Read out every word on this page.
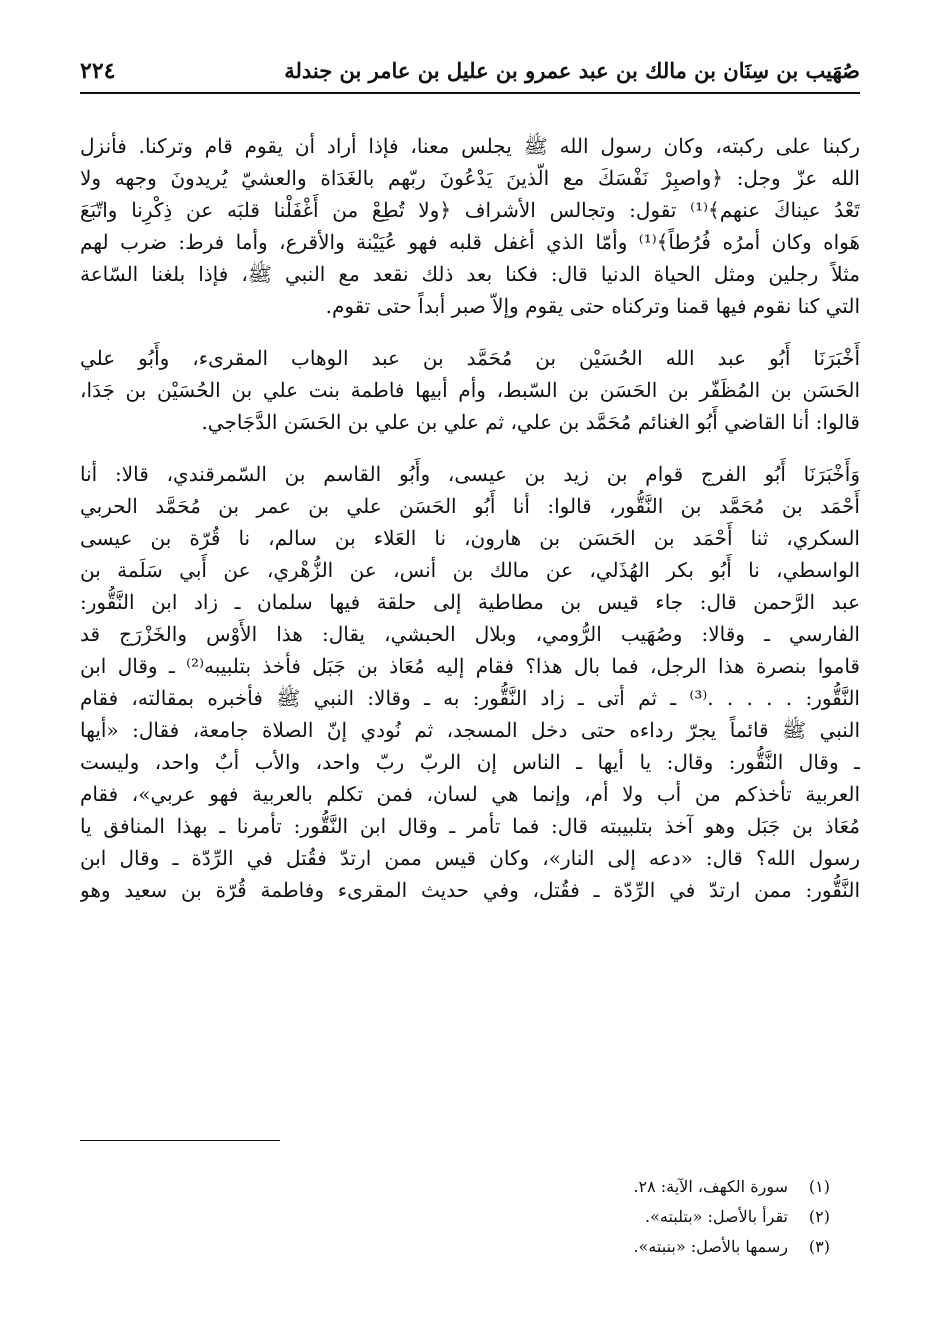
صُهَيب بن سِنَان بن مالك بن عبد عمرو بن عليل بن عامر بن جندلة
٢٢٤
ركبنا على ركبته، وكان رسول الله ﷺ يجلس معنا، فإذا أراد أن يقوم قام وتركنا. فأنزل
الله عزّ وجل: ﴿واصبِرْ نَفْسَكَ مع الّذينَ يَدْعُونَ ربّهم بالغَدَاة والعشيّ يُريدونَ وجهه ولا
تَعْدُ عيناكَ عنهم﴾⁽¹⁾ تقول: وتجالس الأشراف ﴿ولا تُطِعْ من أَغْفَلْنا قلبَه عن ذِكْرِنا واتّبَعَ
هَواه وكان أمرُه فُرُطاً﴾⁽¹⁾ وأمّا الذي أغفل قلبه فهو عُيَيْنة والأقرع، وأما فرط: ضرب لهم
مثلاً رجلين ومثل الحياة الدنيا قال: فكنا بعد ذلك نقعد مع النبي ﷺ، فإذا بلغنا السّاعة
التي كنا نقوم فيها قمنا وتركناه حتى يقوم وإلاّ صبر أبداً حتى تقوم.
أَخْبَرَنَا أَبُو عبد الله الحُسَيْن بن مُحَمَّد بن عبد الوهاب المقرىء، وأَبُو علي
الحَسَن بن المُظَفّر بن الحَسَن بن السّبط، وأم أبيها فاطمة بنت علي بن الحُسَيْن بن جَدَا،
قالوا: أنا القاضي أَبُو الغنائم مُحَمَّد بن علي، ثم علي بن علي بن الحَسَن الدَّجَاجي.
وَأَخْبَرَنَا أَبُو الفرج قوام بن زيد بن عيسى، وأَبُو القاسم بن السّمرقندي، قالا: أنا
أَحْمَد بن مُحَمَّد بن النَّقُّور، قالوا: أنا أَبُو الحَسَن علي بن عمر بن مُحَمَّد الحربي
السكري، ثنا أَحْمَد بن الحَسَن بن هارون، نا العَلاء بن سالم، نا قُرّة بن عيسى
الواسطي، نا أَبُو بكر الهُذَلي، عن مالك بن أنس، عن الزُّهْري، عن أَبي سَلَمة بن
عبد الرَّحمن قال: جاء قيس بن مطاطية إلى حلقة فيها سلمان ـ زاد ابن النَّقُّور:
الفارسي ـ وقالا: وصُهَيب الرُّومي، وبلال الحبشي، يقال: هذا الأَوْس والخَزْرَج قد
قاموا بنصرة هذا الرجل، فما بال هذا؟ فقام إليه مُعَاذ بن جَبَل فأخذ بتلبيبه⁽²⁾ ـ وقال ابن
النَّقُّور: . . . . .⁽³⁾ ـ ثم أتى ـ زاد النَّقُّور: به ـ وقالا: النبي ﷺ فأخبره بمقالته، فقام
النبي ﷺ قائماً يجرّ رداءه حتى دخل المسجد، ثم نُودي إنّ الصلاة جامعة، فقال: «أيها
ـ وقال النَّقُّور: وقال: يا أيها ـ الناس إن الربّ ربّ واحد، والأب أبٌ واحد، وليست
العربية تأخذكم من أب ولا أم، وإنما هي لسان، فمن تكلم بالعربية فهو عربي»، فقام
مُعَاذ بن جَبَل وهو آخذ بتلبيبته قال: فما تأمر ـ وقال ابن النَّقُّور: تأمرنا ـ بهذا المنافق يا
رسول الله؟ قال: «دعه إلى النار»، وكان قيس ممن ارتدّ فقُتل في الرِّدّة ـ وقال ابن
النَّقُّور: ممن ارتدّ في الرِّدّة ـ فقُتل، وفي حديث المقرىء وفاطمة قُرّة بن سعيد وهو
(١)سورة الكهف، الآية: ٢٨.
(٢)تقرأ بالأصل: «بتلبته».
(٣)رسمها بالأصل: «بنبته».
